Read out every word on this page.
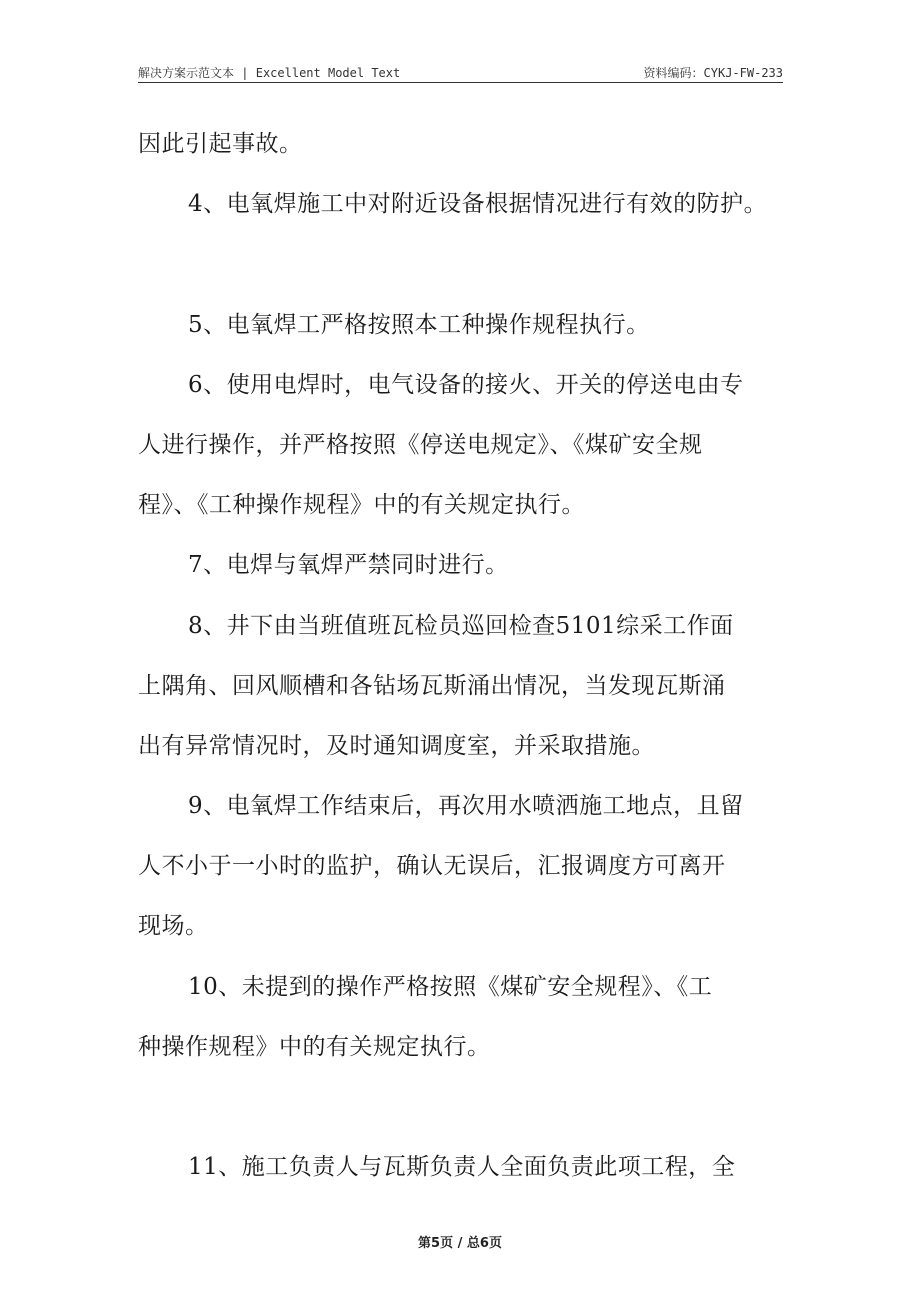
解决方案示范文本 | Excellent Model Text	资料编码：CYKJ-FW-233
因此引起事故。
4、电氧焊施工中对附近设备根据情况进行有效的防护。
5、电氧焊工严格按照本工种操作规程执行。
6、使用电焊时，电气设备的接火、开关的停送电由专
人进行操作，并严格按照《停送电规定》、《煤矿安全规
程》、《工种操作规程》中的有关规定执行。
7、电焊与氧焊严禁同时进行。
8、井下由当班值班瓦检员巡回检查5101综采工作面
上隅角、回风顺槽和各钻场瓦斯涌出情况，当发现瓦斯涌
出有异常情况时，及时通知调度室，并采取措施。
9、电氧焊工作结束后，再次用水喷洒施工地点，且留
人不小于一小时的监护，确认无误后，汇报调度方可离开
现场。
10、未提到的操作严格按照《煤矿安全规程》、《工
种操作规程》中的有关规定执行。
11、施工负责人与瓦斯负责人全面负责此项工程，全
第5页 / 总6页
